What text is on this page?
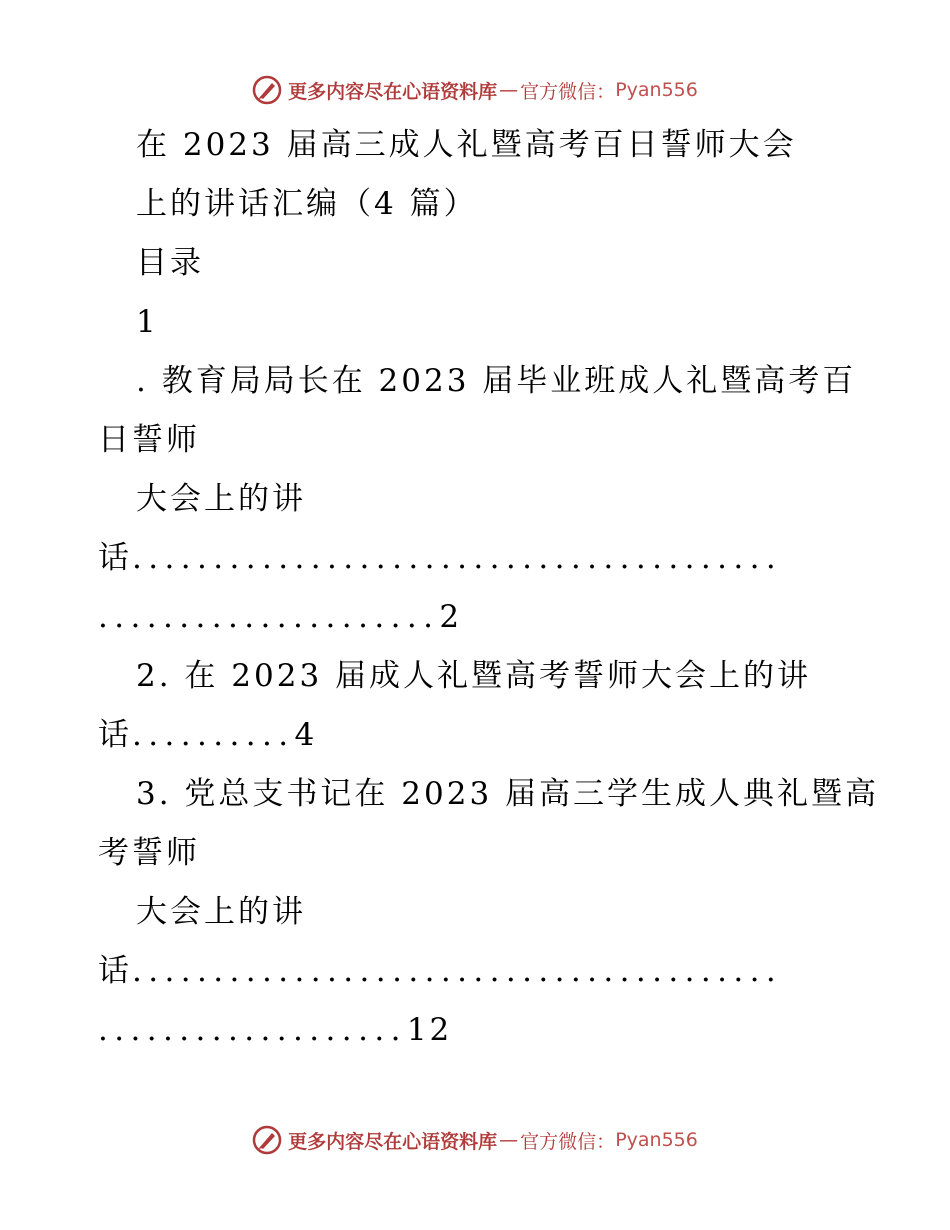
更多内容尽在心语资料库 — 官方微信： Pyan556
在 2023 届高三成人礼暨高考百日誓师大会
上的讲话汇编（4 篇）
目录
1
. 教育局局长在 2023 届毕业班成人礼暨高考百
日誓师
大会上的讲
话........................................
.....................2
2. 在 2023 届成人礼暨高考誓师大会上的讲
话..........4
3. 党总支书记在 2023 届高三学生成人典礼暨高
考誓师
大会上的讲
话........................................
...................12
更多内容尽在心语资料库 — 官方微信： Pyan556
